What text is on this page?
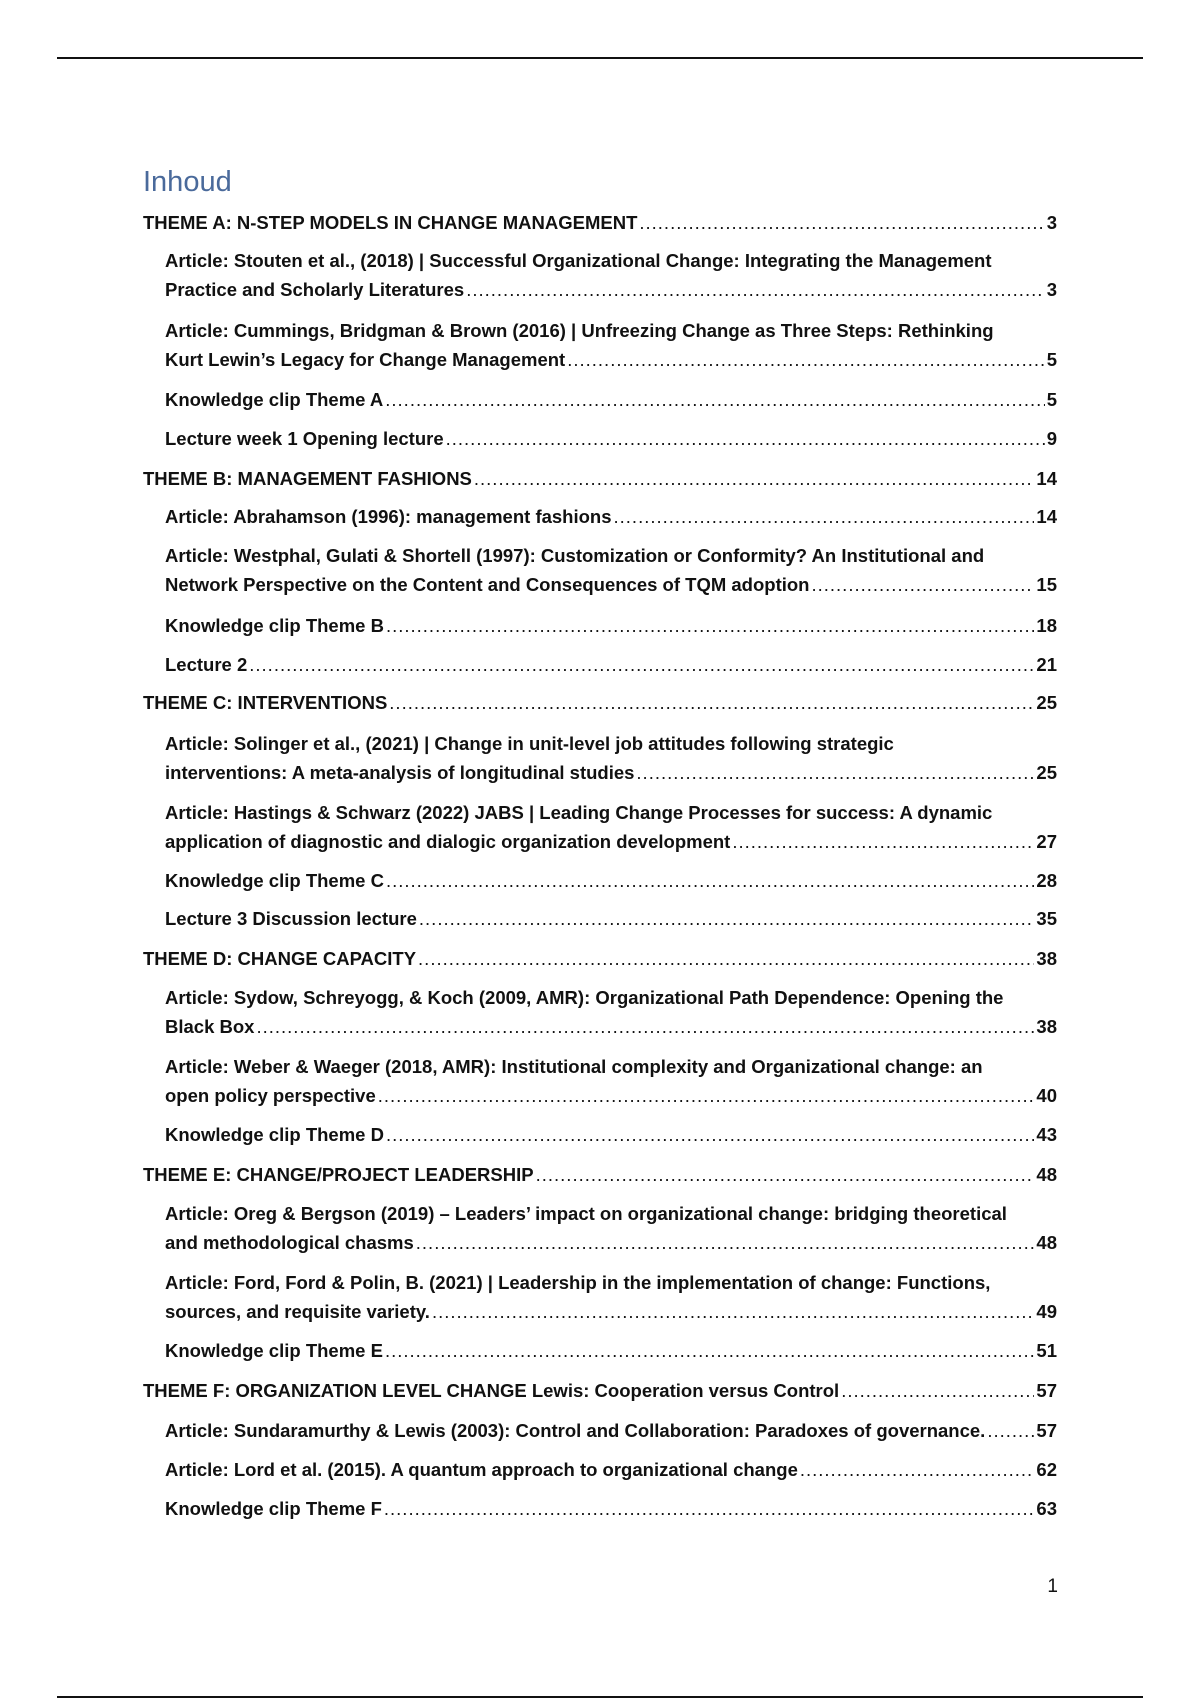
Inhoud
THEME A: N-STEP MODELS IN CHANGE MANAGEMENT .....	3
Article: Stouten et al., (2018) | Successful Organizational Change: Integrating the Management
Practice and Scholarly Literatures .....	3
Article: Cummings, Bridgman & Brown (2016) | Unfreezing Change as Three Steps: Rethinking
Kurt Lewin’s Legacy for Change Management .....	5
Knowledge clip Theme A .....	5
Lecture week 1 Opening lecture .....	9
THEME B: MANAGEMENT FASHIONS .....	14
Article: Abrahamson (1996): management fashions .....	14
Article: Westphal, Gulati & Shortell (1997): Customization or Conformity? An Institutional and
Network Perspective on the Content and Consequences of TQM adoption .....	15
Knowledge clip Theme B .....	18
Lecture 2 .....	21
THEME C: INTERVENTIONS .....	25
Article: Solinger et al., (2021) | Change in unit-level job attitudes following strategic
interventions: A meta-analysis of longitudinal studies .....	25
Article: Hastings & Schwarz (2022) JABS | Leading Change Processes for success: A dynamic
application of diagnostic and dialogic organization development .....	27
Knowledge clip Theme C .....	28
Lecture 3 Discussion lecture .....	35
THEME D: CHANGE CAPACITY .....	38
Article: Sydow, Schreyogg, & Koch (2009, AMR): Organizational Path Dependence: Opening the
Black Box .....	38
Article: Weber & Waeger (2018, AMR): Institutional complexity and Organizational change: an
open policy perspective .....	40
Knowledge clip Theme D .....	43
THEME E: CHANGE/PROJECT LEADERSHIP .....	48
Article: Oreg & Bergson (2019) – Leaders’ impact on organizational change: bridging theoretical
and methodological chasms .....	48
Article: Ford, Ford & Polin, B. (2021) | Leadership in the implementation of change: Functions,
sources, and requisite variety. .....	49
Knowledge clip Theme E .....	51
THEME F: ORGANIZATION LEVEL CHANGE Lewis: Cooperation versus Control .....	57
Article: Sundaramurthy & Lewis (2003): Control and Collaboration: Paradoxes of governance. .....	57
Article: Lord et al. (2015). A quantum approach to organizational change .....	62
Knowledge clip Theme F .....	63
1
